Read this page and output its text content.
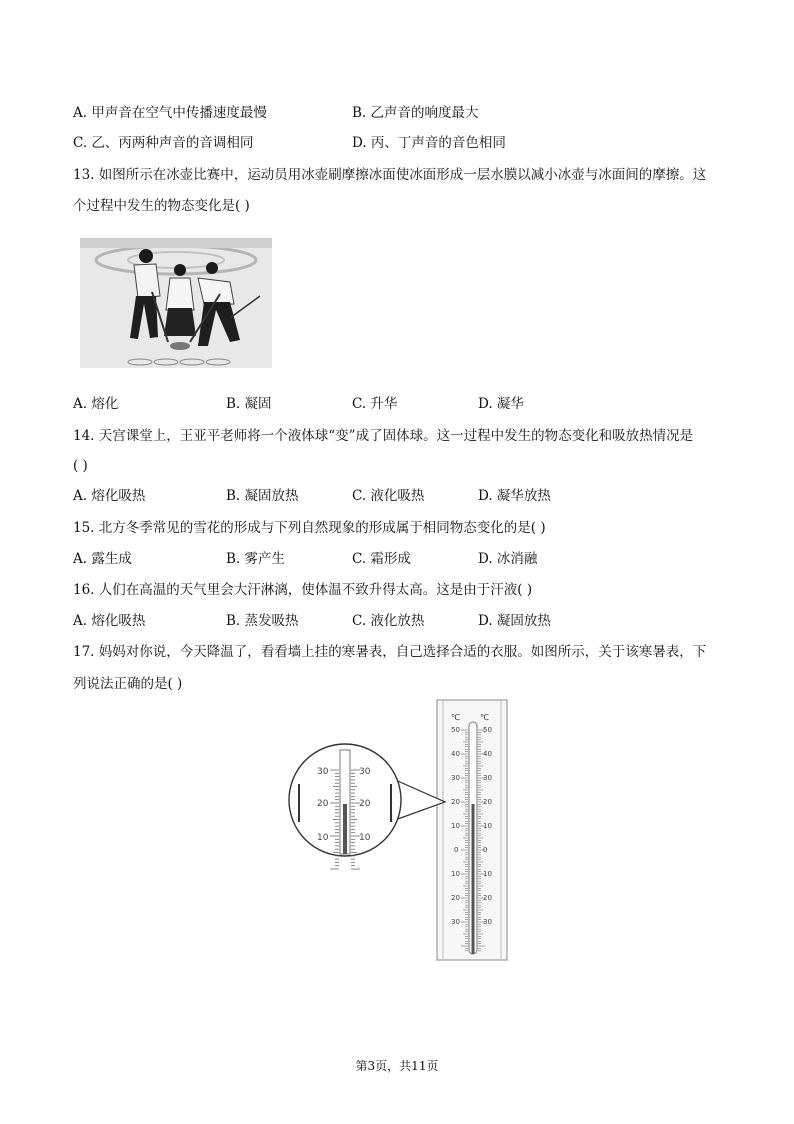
A. 甲声音在空气中传播速度最慢	B. 乙声音的响度最大
C. 乙、丙两种声音的音调相同	D. 丙、丁声音的音色相同
13. 如图所示在冰壶比赛中，运动员用冰壶刷摩擦冰面使冰面形成一层水膜以减小冰壶与冰面间的摩擦。这
个过程中发生的物态变化是( )
A. 熔化	B. 凝固	C. 升华	D. 凝华
14. 天宫课堂上，王亚平老师将一个液体球“变”成了固体球。这一过程中发生的物态变化和吸放热情况是
( )
A. 熔化吸热	B. 凝固放热	C. 液化吸热	D. 凝华放热
15. 北方冬季常见的雪花的形成与下列自然现象的形成属于相同物态变化的是( )
A. 露生成	B. 雾产生	C. 霜形成	D. 冰消融
16. 人们在高温的天气里会大汗淋漓，使体温不致升得太高。这是由于汗液( )
A. 熔化吸热	B. 蒸发吸热	C. 液化放热	D. 凝固放热
17. 妈妈对你说，今天降温了，看看墙上挂的寒暑表，自己选择合适的衣服。如图所示，关于该寒暑表，下
列说法正确的是( )
℃	℃
50
40
30
20
10
0
10
20
30
50
40
30
20
10
0
10
20
30
30
20
10
30
20
10
第3页，共11页
